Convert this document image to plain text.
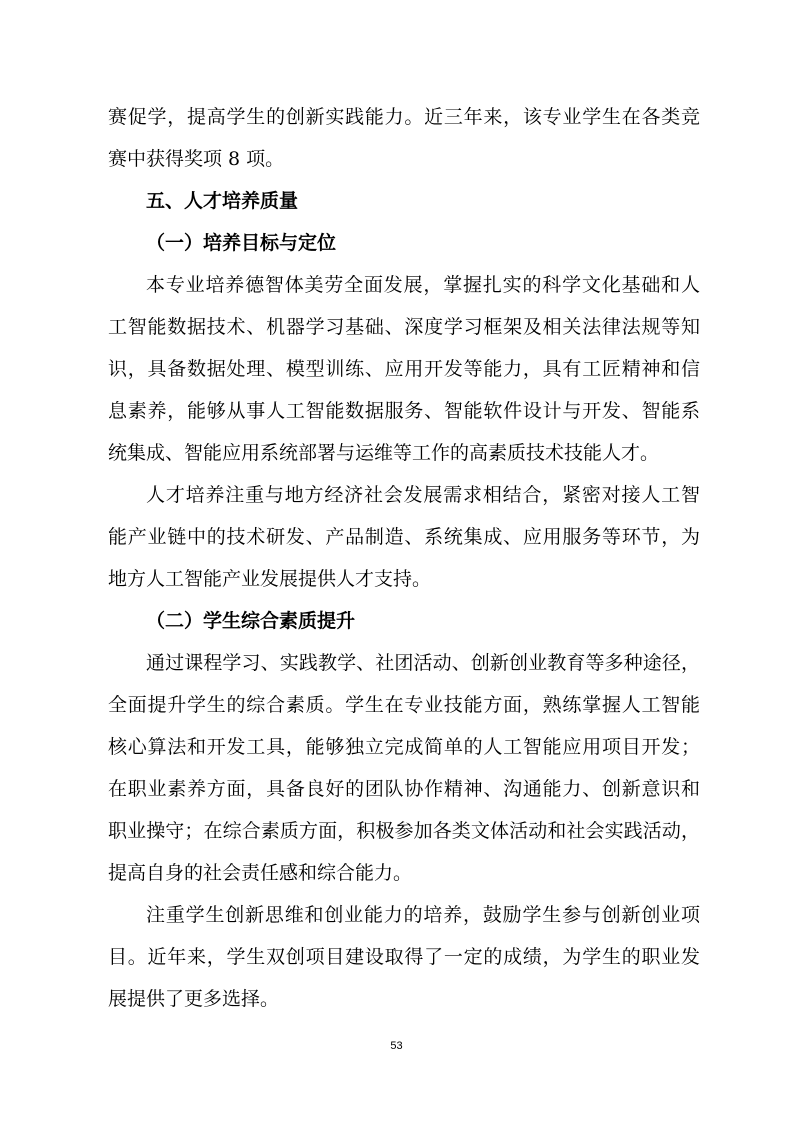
赛促学，提高学生的创新实践能力。近三年来，该专业学生在各类竞
赛中获得奖项 8 项。
五、人才培养质量
（一）培养目标与定位
本专业培养德智体美劳全面发展，掌握扎实的科学文化基础和人
工智能数据技术、机器学习基础、深度学习框架及相关法律法规等知
识，具备数据处理、模型训练、应用开发等能力，具有工匠精神和信
息素养，能够从事人工智能数据服务、智能软件设计与开发、智能系
统集成、智能应用系统部署与运维等工作的高素质技术技能人才。
人才培养注重与地方经济社会发展需求相结合，紧密对接人工智
能产业链中的技术研发、产品制造、系统集成、应用服务等环节，为
地方人工智能产业发展提供人才支持。
（二）学生综合素质提升
通过课程学习、实践教学、社团活动、创新创业教育等多种途径，
全面提升学生的综合素质。学生在专业技能方面，熟练掌握人工智能
核心算法和开发工具，能够独立完成简单的人工智能应用项目开发；
在职业素养方面，具备良好的团队协作精神、沟通能力、创新意识和
职业操守；在综合素质方面，积极参加各类文体活动和社会实践活动，
提高自身的社会责任感和综合能力。
注重学生创新思维和创业能力的培养，鼓励学生参与创新创业项
目。近年来，学生双创项目建设取得了一定的成绩，为学生的职业发
展提供了更多选择。
53
